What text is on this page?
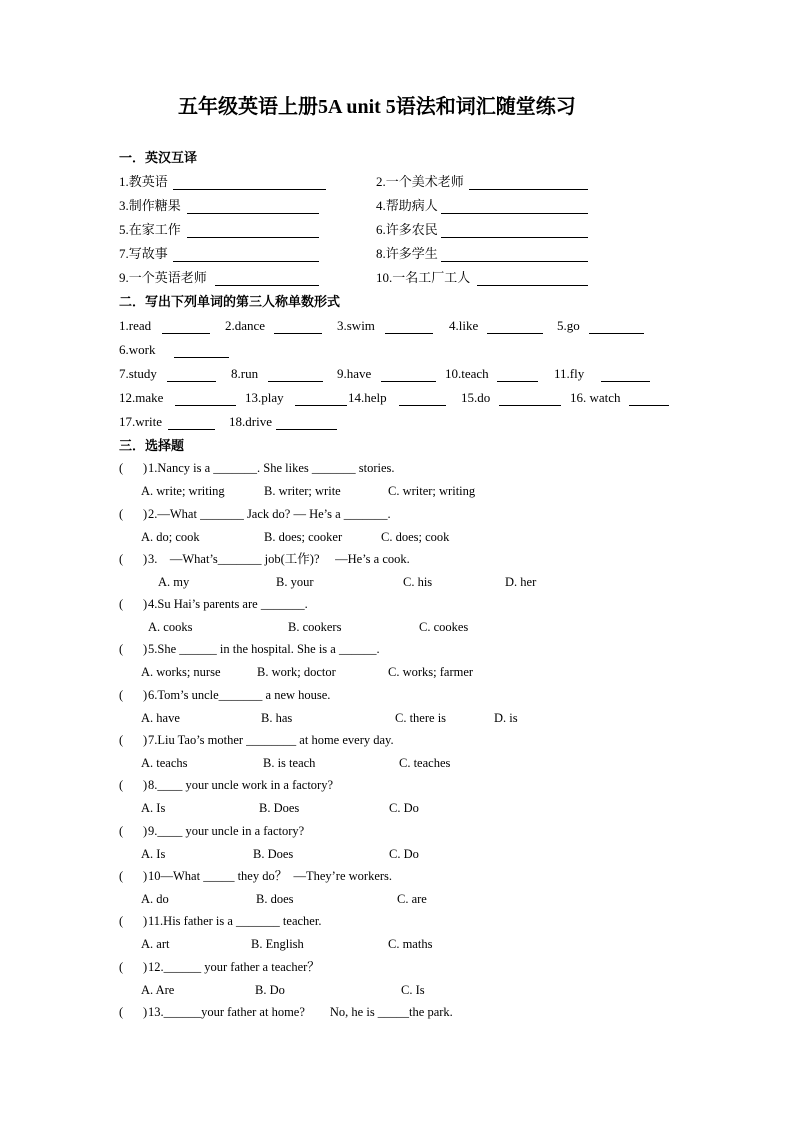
五年级英语上册5A unit 5语法和词汇随堂练习
一．英汉互译
1.教英语	2.一个美术老师
3.制作糖果	4.帮助病人
5.在家工作	6.许多农民
7.写故事	8.许多学生
9.一个英语老师	10.一名工厂工人
二．写出下列单词的第三人称单数形式
1.read	2.dance	3.swim	4.like	5.go
6.work
7.study	8.run	9.have	10.teach	11.fly
12.make	13.play	14.help	15.do	16. watch
17.write	18.drive
三．选择题
( ) 1.Nancy is a _______. She likes _______ stories.
A. write; writing	B. writer; write	C. writer; writing
( ) 2.—What _______ Jack do? — He’s a _______.
A. do; cook	B. does; cooker	C. does; cook
( ) 3.    —What’s_______ job(工作)?     —He’s a cook.
A. my	B. your	C. his	D. her
( ) 4.Su Hai’s parents are _______.
A. cooks	B. cookers	C. cookes
( ) 5.She ______ in the hospital. She is a ______.
A. works; nurse	B. work; doctor	C. works; farmer
( ) 6.Tom’s uncle_______ a new house.
A. have	B. has	C. there is	D. is
( ) 7.Liu Tao’s mother ________ at home every day.
A. teachs	B. is teach	C. teaches
( ) 8.____ your uncle work in a factory?
A. Is	B. Does	C. Do
( ) 9.____ your uncle in a factory?
A. Is	B. Does	C. Do
( ) 10—What _____ they do？  —They’re workers.
A. do	B. does	C. are
( ) 11.His father is a _______ teacher.
A. art	B. English	C. maths
( ) 12.______ your father a teacher？
A. Are	B. Do	C. Is
( ) 13.______your father at home?        No, he is _____the park.
